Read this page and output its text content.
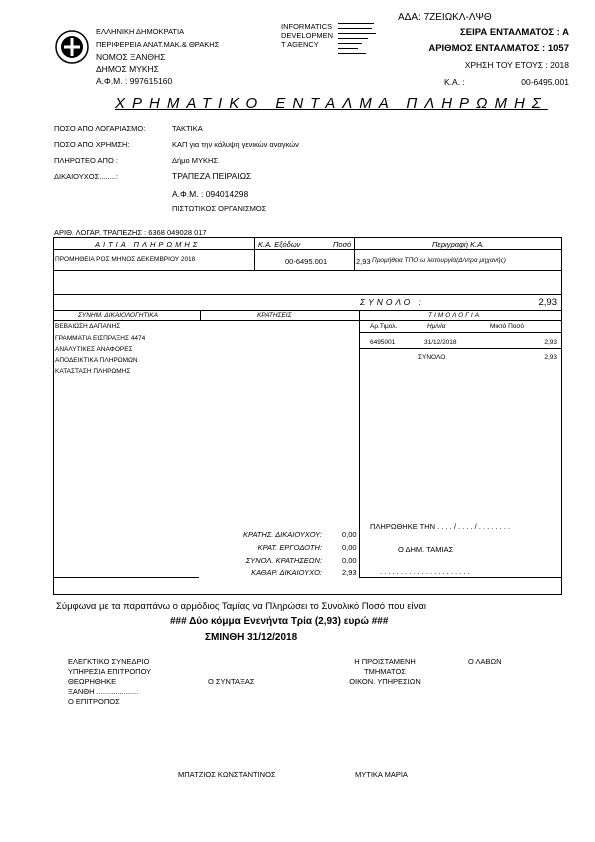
ΕΛΛΗΝΙΚΗ ΔΗΜΟΚΡΑΤΙΑ
ΠΕΡΙΦΕΡΕΙΑ ΑΝΑΤ.ΜΑΚ.& ΘΡΑΚΗΣ
ΝΟΜΟΣ ΞΑΝΘΗΣ
ΔΗΜΟΣ ΜΥΚΗΣ
Α.Φ.Μ. : 997615160
INFORMATICS
DEVELOPMEN
T AGENCY
ΑΔΑ: 7ΖΕΙΩΚΛ-ΛΨΘ
ΣΕΙΡΑ ΕΝΤΑΛΜΑΤΟΣ : Α
ΑΡΙΘΜΟΣ ΕΝΤΑΛΜΑΤΟΣ : 1057
ΧΡΗΣΗ ΤΟΥ ΕΤΟΥΣ : 2018
Κ.Α. :	00-6495.001
ΧΡΗΜΑΤΙΚΟ ΕΝΤΑΛΜΑ ΠΛΗΡΩΜΗΣ
ΠΟΣΟ ΑΠΟ ΛΟΓΑΡΙΑΣΜΟ:	ΤΑΚΤΙΚΑ
ΠΟΣΟ ΑΠΟ ΧΡΗΜΣΗ:	ΚΑΠ για την κάλυψη γενικών αναγκών
ΠΛΗΡΩΤΕΟ ΑΠΟ :	Δήμο ΜΥΚΗΣ
ΔΙΚΑΙΟΥΧΟΣ........:	ΤΡΑΠΕΖΑ ΠΕΙΡΑΙΩΣ
Α.Φ.Μ. : 094014298
ΠΙΣΤΩΤΙΚΟΣ ΟΡΓΑΝΙΣΜΟΣ
ΑΡΙΘ. ΛΟΓΑΡ. ΤΡΑΠΕΖΗΣ : 6368 049028 017
ΑΙΤΙΑ ΠΛΗΡΩΜΗΣ	Κ.Α. Εξόδων	Ποσό	Περιγραφή Κ.Α.
ΠΡΟΜΗΘΕΙΑ ΡΟΣ ΜΗΝΟΣ ΔΕΚΕΜΒΡΙΟΥ 2018	00-6495.001	2,93 Προμήθεια ΤΠΟ ω λειτουργία(Δ/ντρα μηχανής)
ΣΥΝΟΛΟ :	2,93
ΣΥΝΗΜ. ΔΙΚΑΙΟΛΟΓΗΤΙΚΑ	ΚΡΑΤΗΣΕΙΣ	ΤΙΜΟΛΟΓΙΑ
ΒΕΒΑΙΩΣΗ ΔΑΠΑΝΗΣ
ΓΡΑΜΜΑΤΙΑ ΕΙΣΠΡΑΞΗΣ 4474
ΑΝΑΛΥΤΙΚΕΣ ΑΝΑΦΟΡΕΣ
ΑΠΟΔΕΙΚΤΙΚΑ ΠΛΗΡΩΜΩΝ
ΚΑΤΑΣΤΑΣΗ ΠΛΗΡΩΜΗΣ
Αρ.Τιμολ.	Ημ/νία	Μικτό Ποσό
6495001	31/12/2018	2,93
ΣΥΝΟΛΟ	2,93
ΚΡΑΤΗΣ. ΔΙΚΑΙΟΥΧΟΥ:	0,00
ΚΡΑΤ. ΕΡΓΟΔΟΤΗ:	0,00
ΣΥΝΟΛ. ΚΡΑΤΗΣΕΩΝ:	0,00
ΚΑΘΑΡ. ΔΙΚΑΙΟΥΧΟ:	2,93
ΠΛΗΡΩΘΗΚΕ ΤΗΝ . . . . / . . . . / . . . . . . . .
Ο ΔΗΜ. ΤΑΜΙΑΣ
. . . . . . . . . . . . . . . . . . . . . .
Σύμφωνα με τα παραπάνω ο αρμόδιος Ταμίας να Πληρώσει το Συνολικό Ποσό που είναι
### Δύο κόμμα Ενενήντα Τρία (2,93) ευρώ ###
ΣΜΙΝΘΗ 31/12/2018
ΕΛΕΓΚΤΙΚΟ ΣΥΝΕΔΡΙΟ
ΥΠΗΡΕΣΙΑ ΕΠΙΤΡΟΠΟΥ
ΘΕΩΡΗΘΗΚΕ
ΞΑΝΘΗ ....................
Ο ΕΠΙΤΡΟΠΟΣ
Ο ΣΥΝΤΑΞΑΣ
Η ΠΡΟΙΣΤΑΜΕΝΗ
ΤΜΗΜΑΤΟΣ
ΟΙΚΟΝ. ΥΠΗΡΕΣΙΩΝ
Ο ΛΑΒΩΝ
ΜΠΑΤΖΙΟΣ ΚΩΝΣΤΑΝΤΙΝΟΣ	ΜΥΤΙΚΑ ΜΑΡΙΑ
